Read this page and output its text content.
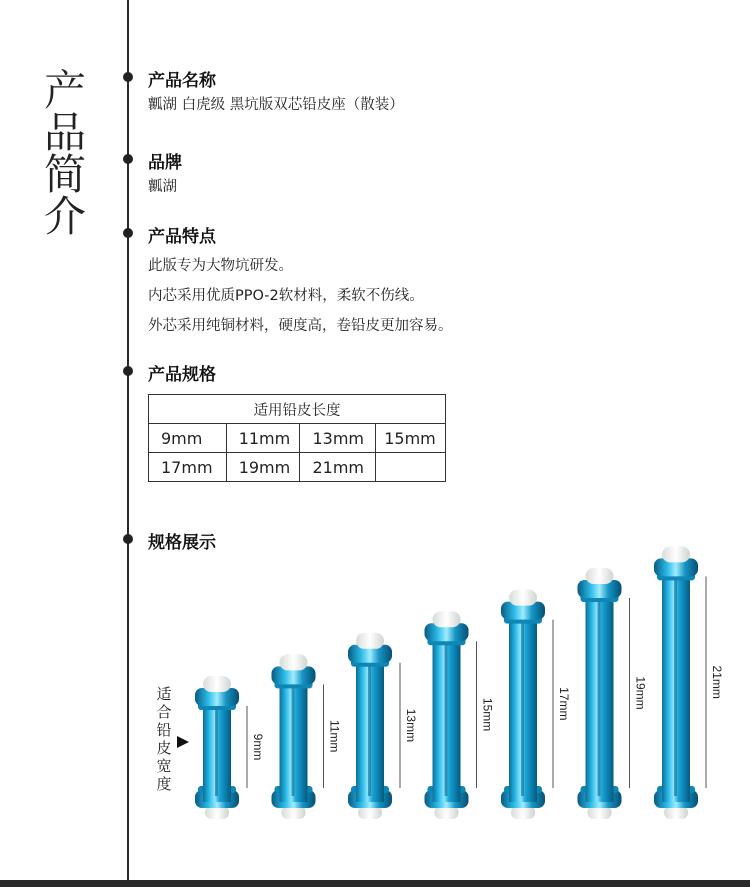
产
品
简
介
产品名称
瓤湖 白虎级 黑坑版双芯铅皮座（散装）
品牌
瓤湖
产品特点
此版专为大物坑研发。
内芯采用优质PPO-2软材料，柔软不伤线。
外芯采用纯铜材料，硬度高，卷铅皮更加容易。
产品规格
适用铅皮长度			
9mm	11mm	13mm	15mm
17mm	19mm	21mm	
规格展示
适
合
铅
皮
宽
度
9mm	11mm	13mm	15mm	17mm	19mm	21mm
